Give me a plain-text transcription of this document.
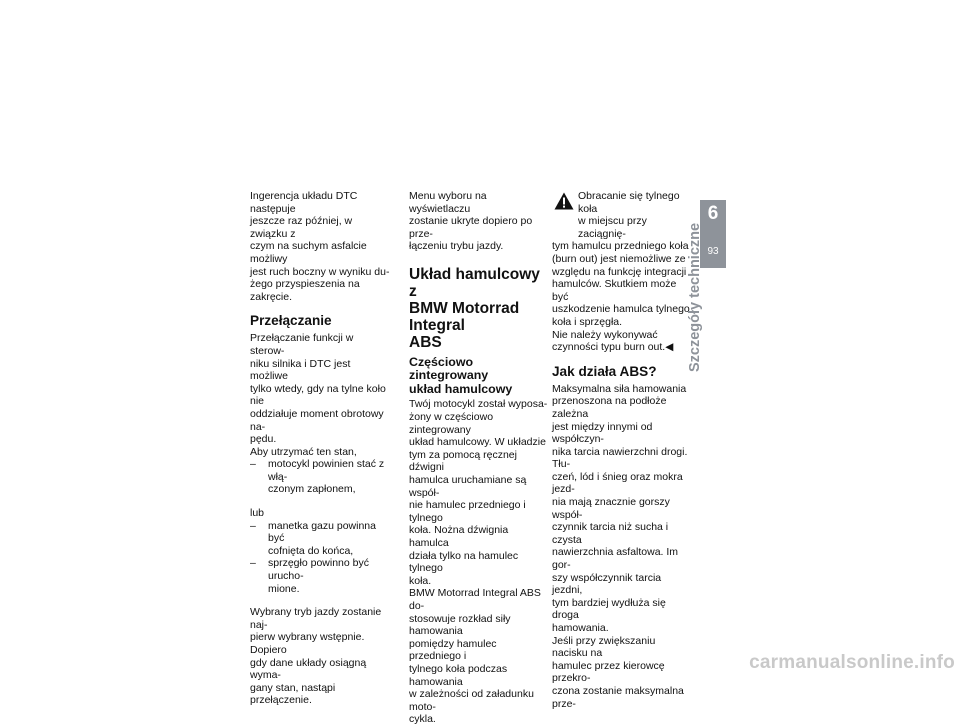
Ingerencja układu DTC następuje

jeszcze raz później, w związku z

czym na suchym asfalcie możliwy

jest ruch boczny w wyniku du-

żego przyspieszenia na zakręcie.

Przełączanie

Przełączanie funkcji w sterow-

niku silnika i DTC jest możliwe

tylko wtedy, gdy na tylne koło nie

oddziałuje moment obrotowy na-

pędu.

Aby utrzymać ten stan,

– motocykl powinien stać z włą-

czonym zapłonem,

lub

– manetka gazu powinna być

cofnięta do końca,

– sprzęgło powinno być urucho-

mione.

Wybrany tryb jazdy zostanie naj-

pierw wybrany wstępnie. Dopiero

gdy dane układy osiągną wyma-

gany stan, nastąpi przełączenie.

Menu wyboru na wyświetlaczu

zostanie ukryte dopiero po prze-

łączeniu trybu jazdy.

Układ hamulcowy z
BMW Motorrad Integral
ABS
Częściowo zintegrowany
układ hamulcowy

Twój motocykl został wyposa-

żony w częściowo zintegrowany

układ hamulcowy. W układzie

tym za pomocą ręcznej dźwigni

hamulca uruchamiane są współ-

nie hamulec przedniego i tylnego

koła. Nożna dźwignia hamulca

działa tylko na hamulec tylnego

koła.

BMW Motorrad Integral ABS do-

stosowuje rozkład siły hamowania

pomiędzy hamulec przedniego i

tylnego koła podczas hamowania

w zależności od załadunku moto-

cykla.

Obracanie się tylnego koła

w miejscu przy zaciągnię-

tym hamulcu przedniego koła

(burn out) jest niemożliwe ze

względu na funkcję integracji

hamulców. Skutkiem może być

uszkodzenie hamulca tylnego

koła i sprzęgła.

Nie należy wykonywać czynności typu burn out.◀

Jak działa ABS?

Maksymalna siła hamowania

przenoszona na podłoże zależna

jest między innymi od współczyn-

nika tarcia nawierzchni drogi. Tłu-

czeń, lód i śnieg oraz mokra jezd-

nia mają znacznie gorszy współ-

czynnik tarcia niż sucha i czysta

nawierzchnia asfaltowa. Im gor-

szy współczynnik tarcia jezdni,

tym bardziej wydłuża się droga

hamowania.

Jeśli przy zwiększaniu nacisku na

hamulec przez kierowcę przekro-

czona zostanie maksymalna prze-

6
93
Szczegóły techniczne
carmanualsonline.info
